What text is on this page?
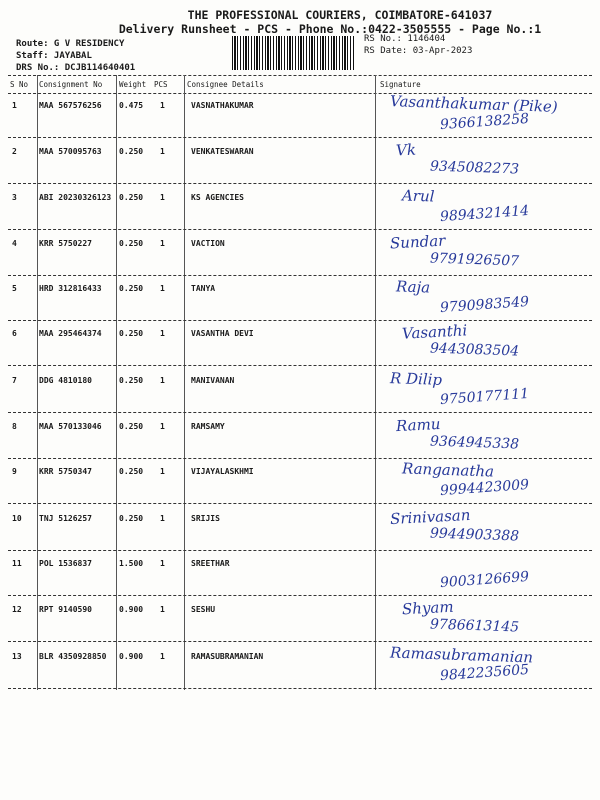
THE PROFESSIONAL COURIERS, COIMBATORE-641037
Delivery Runsheet - PCS - Phone No.:0422-3505555 - Page No.:1
Route: G V RESIDENCY
Staff: JAYABAL
DRS No.: DCJB114640401
RS No.: 1146404
RS Date: 03-Apr-2023
S No Consignment No Weight PCS	Consignee Details	Signature
1	MAA 567576256 0.475 1	VASNATHAKUMAR	Vasanthakumar (Pike)
9366138258
2	MAA 570095763 0.250 1	VENKATESWARAN	Vk
9345082273
3	ABI 20230326123 0.250 1	KS AGENCIES	Arul
9894321414
4	KRR 5750227	0.250 1	VACTION	Sundar
9791926507
5	HRD 312816433 0.250 1	TANYA	Raja
9790983549
6	MAA 295464374 0.250 1	VASANTHA DEVI	Vasanthi
9443083504
7	DDG 4810180	0.250 1	MANIVANAN	R Dilip
9750177111
8	MAA 570133046 0.250 1	RAMSAMY	Ramu
9364945338
9	KRR 5750347	0.250 1	VIJAYALASKHMI	Ranganatha
9994423009
10 TNJ 5126257	0.250 1	SRIJIS	Srinivasan
9944903388
11 POL 1536837	1.500 1	SREETHAR
9003126699
12 RPT 9140590	0.900 1	SESHU	Shyam
9786613145
13 BLR 4350928850 0.900 1	RAMASUBRAMANIAN	Ramasubramanian
9842235605
